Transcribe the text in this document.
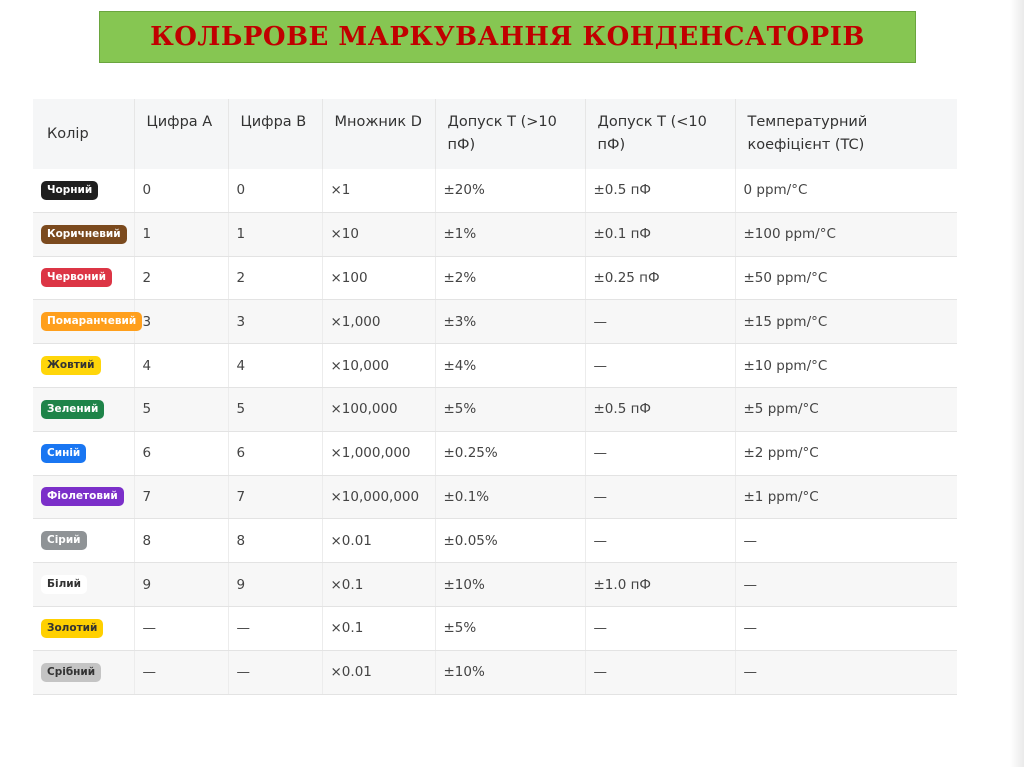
КОЛЬРОВЕ МАРКУВАННЯ КОНДЕНСАТОРІВ
Колір	Цифра A	Цифра B	Множник D	Допуск T (>10 пФ)	Допуск T (<10 пФ)	Температурний коефіцієнт (TC)
Чорний	0	0	×1	±20%	±0.5 пФ	0 ppm/°C
Коричневий	1	1	×10	±1%	±0.1 пФ	±100 ppm/°C
Червоний	2	2	×100	±2%	±0.25 пФ	±50 ppm/°C
Помаранчевий	3	3	×1,000	±3%	—	±15 ppm/°C
Жовтий	4	4	×10,000	±4%	—	±10 ppm/°C
Зелений	5	5	×100,000	±5%	±0.5 пФ	±5 ppm/°C
Синій	6	6	×1,000,000	±0.25%	—	±2 ppm/°C
Фіолетовий	7	7	×10,000,000	±0.1%	—	±1 ppm/°C
Сірий	8	8	×0.01	±0.05%	—	—
Білий	9	9	×0.1	±10%	±1.0 пФ	—
Золотий	—	—	×0.1	±5%	—	—
Срібний	—	—	×0.01	±10%	—	—
